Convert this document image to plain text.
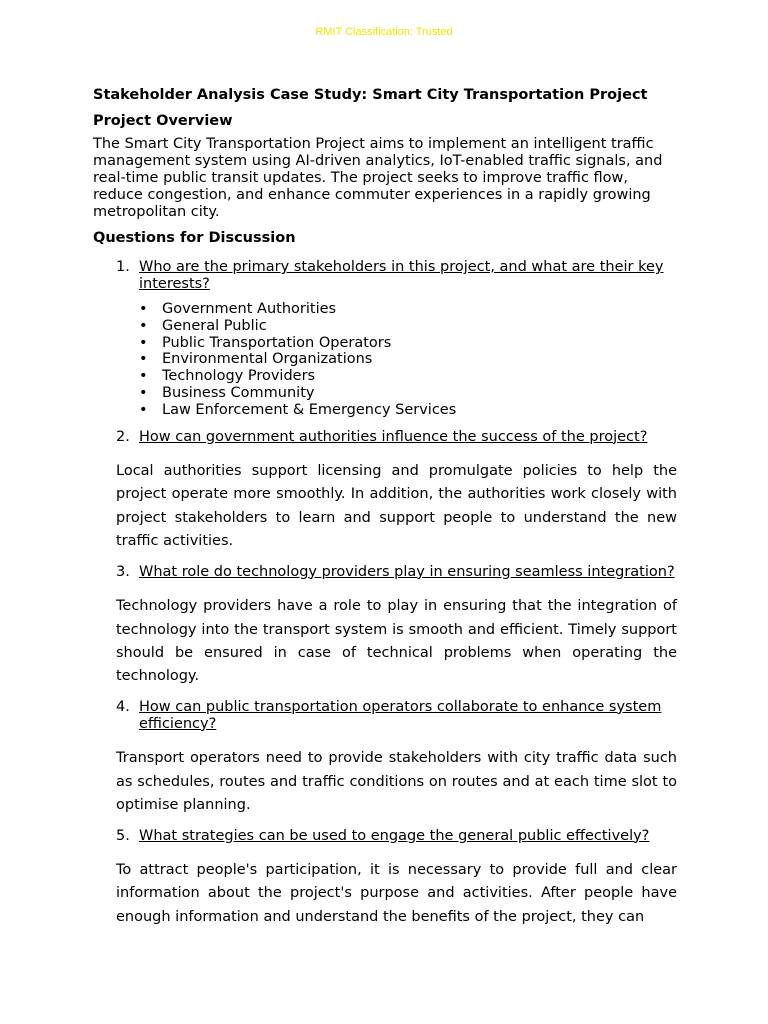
RMIT Classification: Trusted
Stakeholder Analysis Case Study: Smart City Transportation Project
Project Overview

The Smart City Transportation Project aims to implement an intelligent traffic management system using AI-driven analytics, IoT-enabled traffic signals, and real-time public transit updates. The project seeks to improve traffic flow, reduce congestion, and enhance commuter experiences in a rapidly growing metropolitan city.

Questions for Discussion
1. Who are the primary stakeholders in this project, and what are their key interests?
• Government Authorities
• General Public
• Public Transportation Operators
• Environmental Organizations
• Technology Providers
• Business Community
• Law Enforcement & Emergency Services
2. How can government authorities influence the success of the project?

Local authorities support licensing and promulgate policies to help the project operate more smoothly. In addition, the authorities work closely with project stakeholders to learn and support people to understand the new traffic activities.

3. What role do technology providers play in ensuring seamless integration?

Technology providers have a role to play in ensuring that the integration of technology into the transport system is smooth and efficient. Timely support should be ensured in case of technical problems when operating the technology.

4. How can public transportation operators collaborate to enhance system efficiency?

Transport operators need to provide stakeholders with city traffic data such as schedules, routes and traffic conditions on routes and at each time slot to optimise planning.

5. What strategies can be used to engage the general public effectively?

To attract people's participation, it is necessary to provide full and clear information about the project's purpose and activities. After people have enough information and understand the benefits of the project, they can
